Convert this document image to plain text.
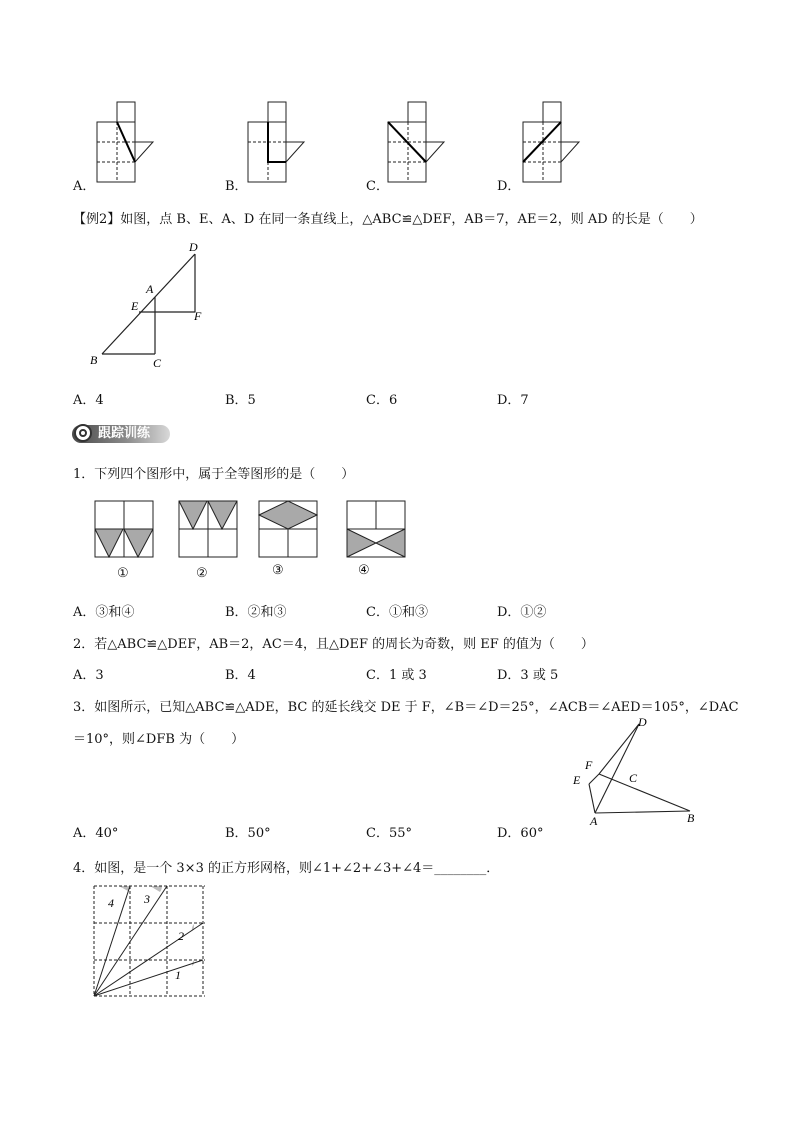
A．	B．	C．	D．
【例2】如图，点 B、E、A、D 在同一条直线上，△ABC≌△DEF，AB＝7，AE＝2，则 AD 的长是（　　）
D
A
E
F
B	C
A．4	B．5	C．6	D．7
跟踪训练
1．下列四个图形中，属于全等图形的是（　　）
①	②	③	④
A．③和④	B．②和③	C．①和③	D．①②
2．若△ABC≌△DEF，AB＝2，AC＝4，且△DEF 的周长为奇数，则 EF 的值为（　　）
A．3	B．4	C．1 或 3	D．3 或 5
3．如图所示，已知△ABC≌△ADE，BC 的延长线交 DE 于 F，∠B＝∠D＝25°，∠ACB＝∠AED＝105°，∠DAC
＝10°，则∠DFB 为（　　）
D
F
C
E
A	B
A．40°	B．50°	C．55°	D．60°
4．如图，是一个 3×3 的正方形网格，则∠1+∠2+∠3+∠4＝________．
1
2
3
4
